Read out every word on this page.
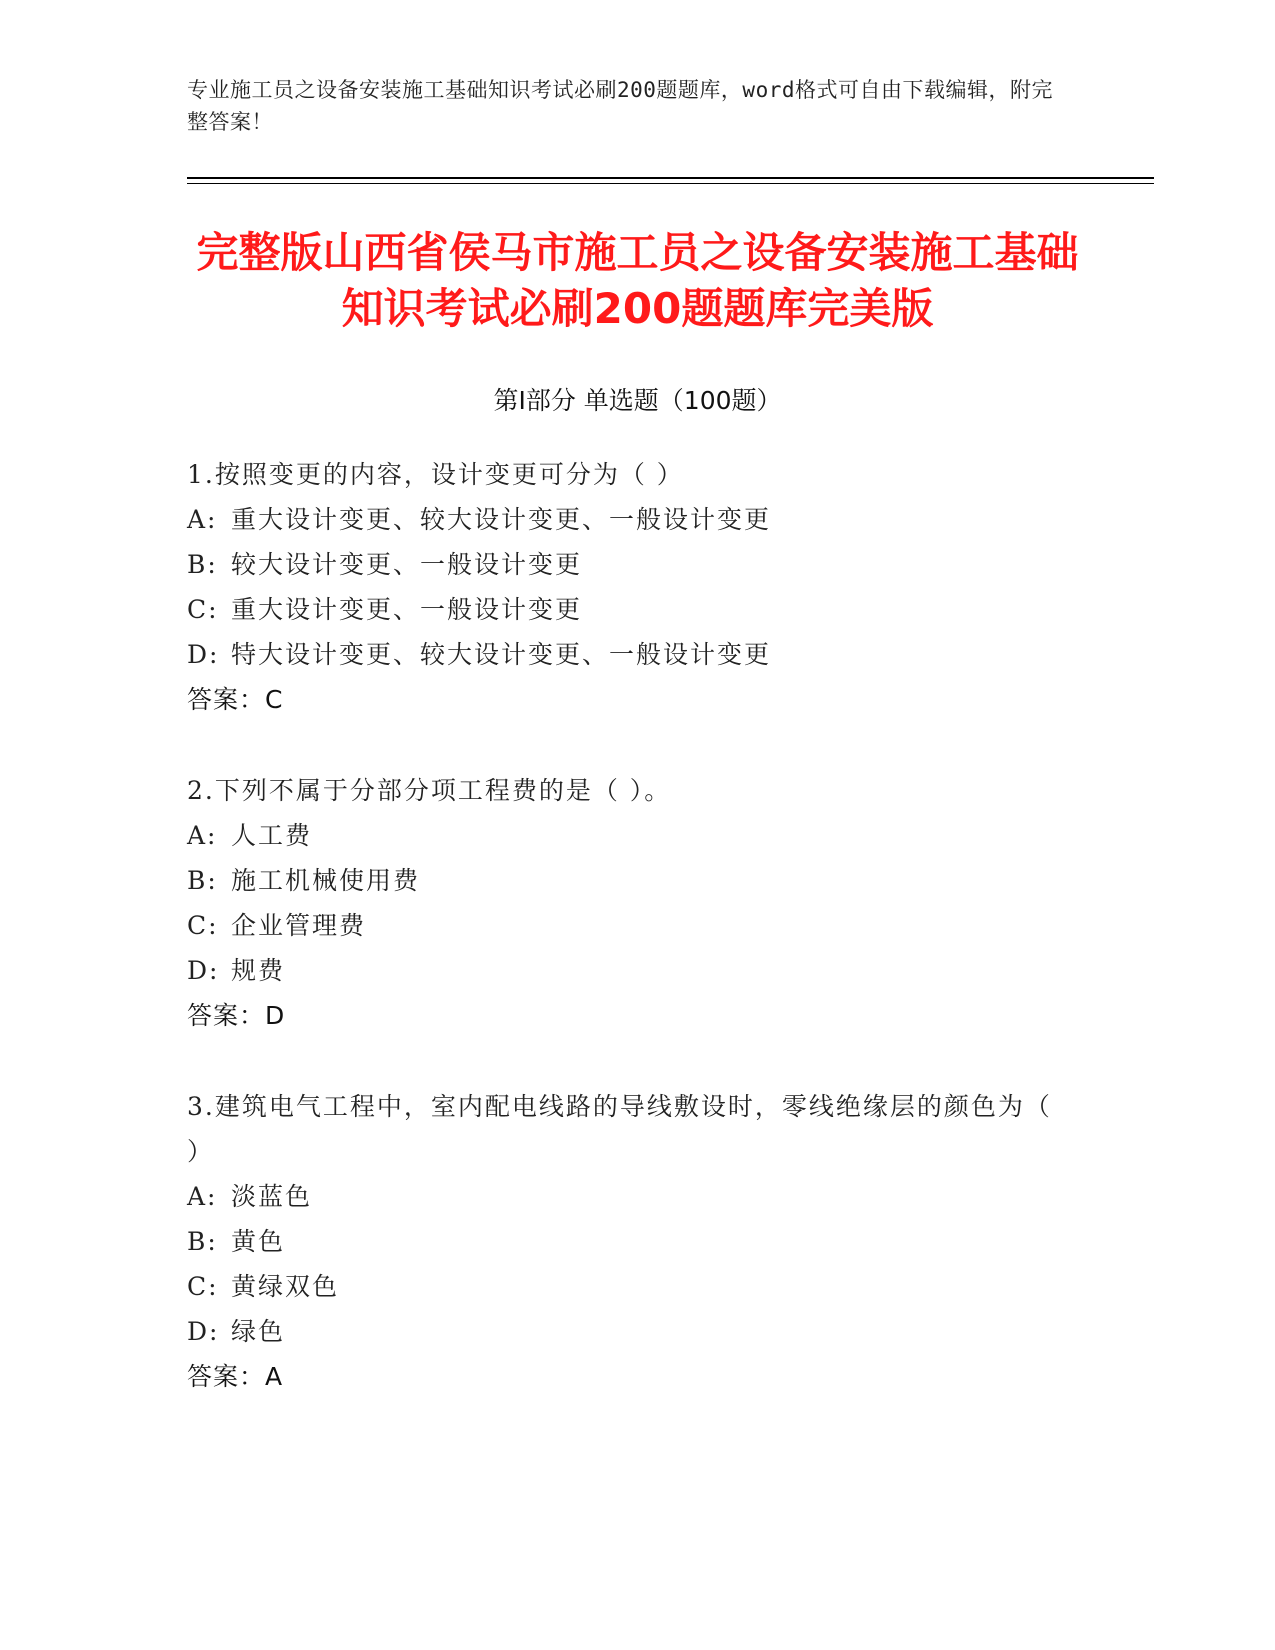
专业施工员之设备安装施工基础知识考试必刷200题题库，word格式可自由下载编辑，附完整答案！
完整版山西省侯马市施工员之设备安装施工基础知识考试必刷200题题库完美版
第Ⅰ部分 单选题（100题）
1.按照变更的内容，设计变更可分为（ ）
A: 重大设计变更、较大设计变更、一般设计变更
B: 较大设计变更、一般设计变更
C: 重大设计变更、一般设计变更
D: 特大设计变更、较大设计变更、一般设计变更
答案：C
2.下列不属于分部分项工程费的是（ ）。
A: 人工费
B: 施工机械使用费
C: 企业管理费
D: 规费
答案：D
3.建筑电气工程中，室内配电线路的导线敷设时，零线绝缘层的颜色为（ ）
A: 淡蓝色
B: 黄色
C: 黄绿双色
D: 绿色
答案：A
